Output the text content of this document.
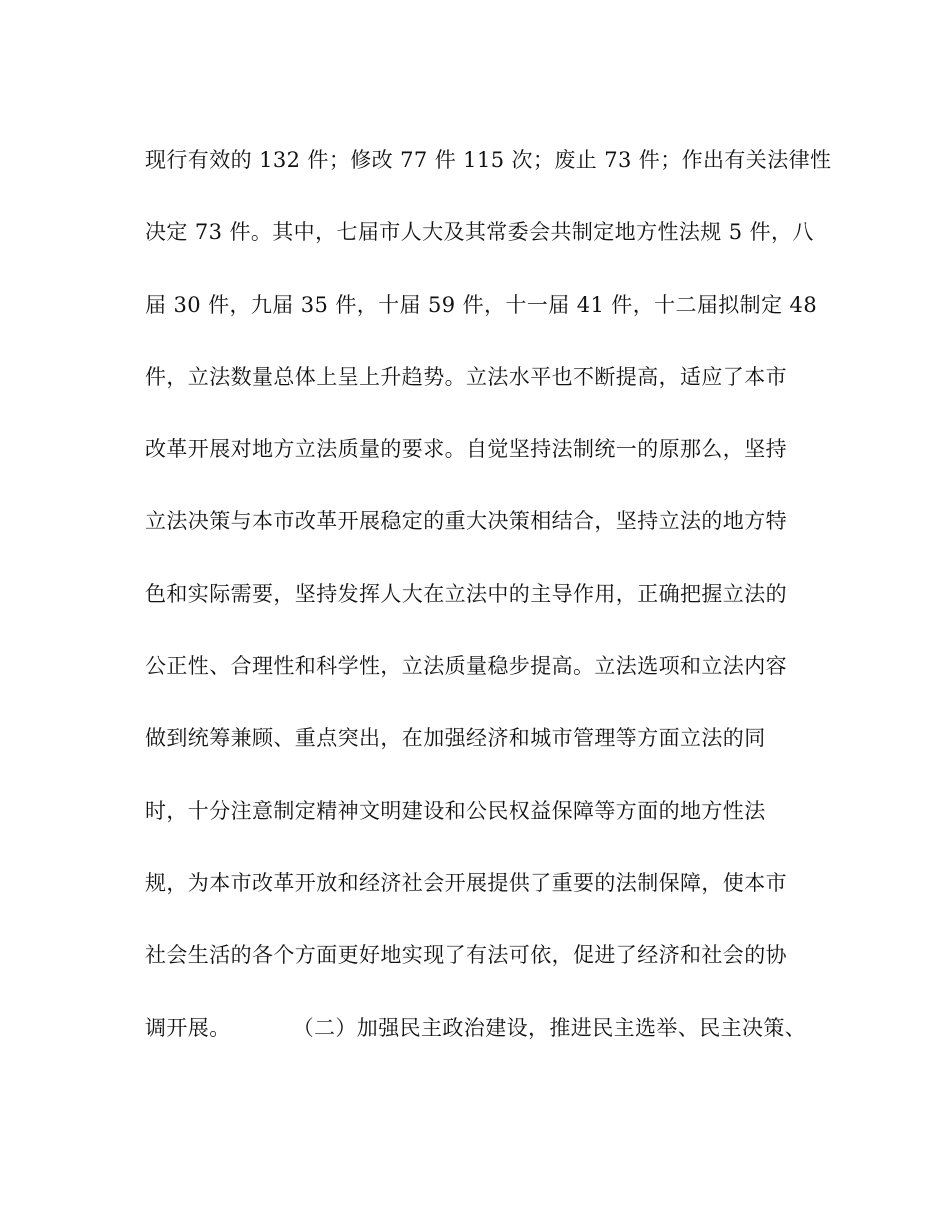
现行有效的 132 件；修改 77 件 115 次；废止 73 件；作出有关法律性
决定 73 件。其中，七届市人大及其常委会共制定地方性法规 5 件，八
届 30 件，九届 35 件，十届 59 件，十一届 41 件，十二届拟制定 48
件，立法数量总体上呈上升趋势。立法水平也不断提高，适应了本市
改革开展对地方立法质量的要求。自觉坚持法制统一的原那么，坚持
立法决策与本市改革开展稳定的重大决策相结合，坚持立法的地方特
色和实际需要，坚持发挥人大在立法中的主导作用，正确把握立法的
公正性、合理性和科学性，立法质量稳步提高。立法选项和立法内容
做到统筹兼顾、重点突出，在加强经济和城市管理等方面立法的同
时，十分注意制定精神文明建设和公民权益保障等方面的地方性法
规，为本市改革开放和经济社会开展提供了重要的法制保障，使本市
社会生活的各个方面更好地实现了有法可依，促进了经济和社会的协
调开展。	（二）加强民主政治建设，推进民主选举、民主决策、
